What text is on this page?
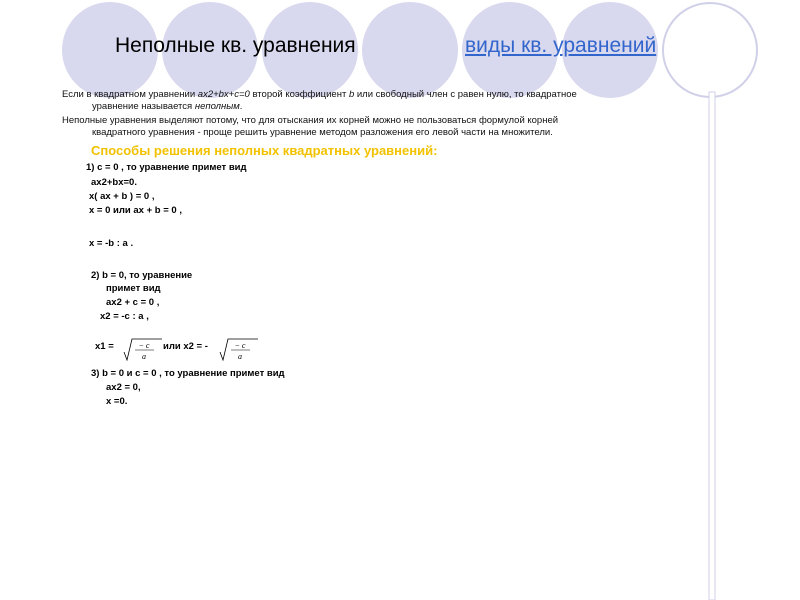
Неполные кв. уравнения	виды кв. уравнений
Если в квадратном уравнении ax2+bx+c=0 второй коэффициент b или свободный член с равен нулю, то квадратное
уравнение называется неполным.
Неполные уравнения выделяют потому, что для отыскания их корней можно не пользоваться формулой корней
квадратного уравнения - проще решить уравнение методом разложения его левой части на множители.
Способы решения неполных квадратных уравнений:
1) c = 0 , то уравнение примет вид
ax2+bx=0.
x( ax + b ) = 0 ,
x = 0 или ax + b = 0 ,
x = -b : a .
2) b = 0, то уравнение
примет вид
ax2 + c = 0 ,
x2 = -c : a ,
x1 =	− c
a
или x2 = -	− c
a
3) b = 0 и c = 0 , то уравнение примет вид
ax2 = 0,
x =0.
